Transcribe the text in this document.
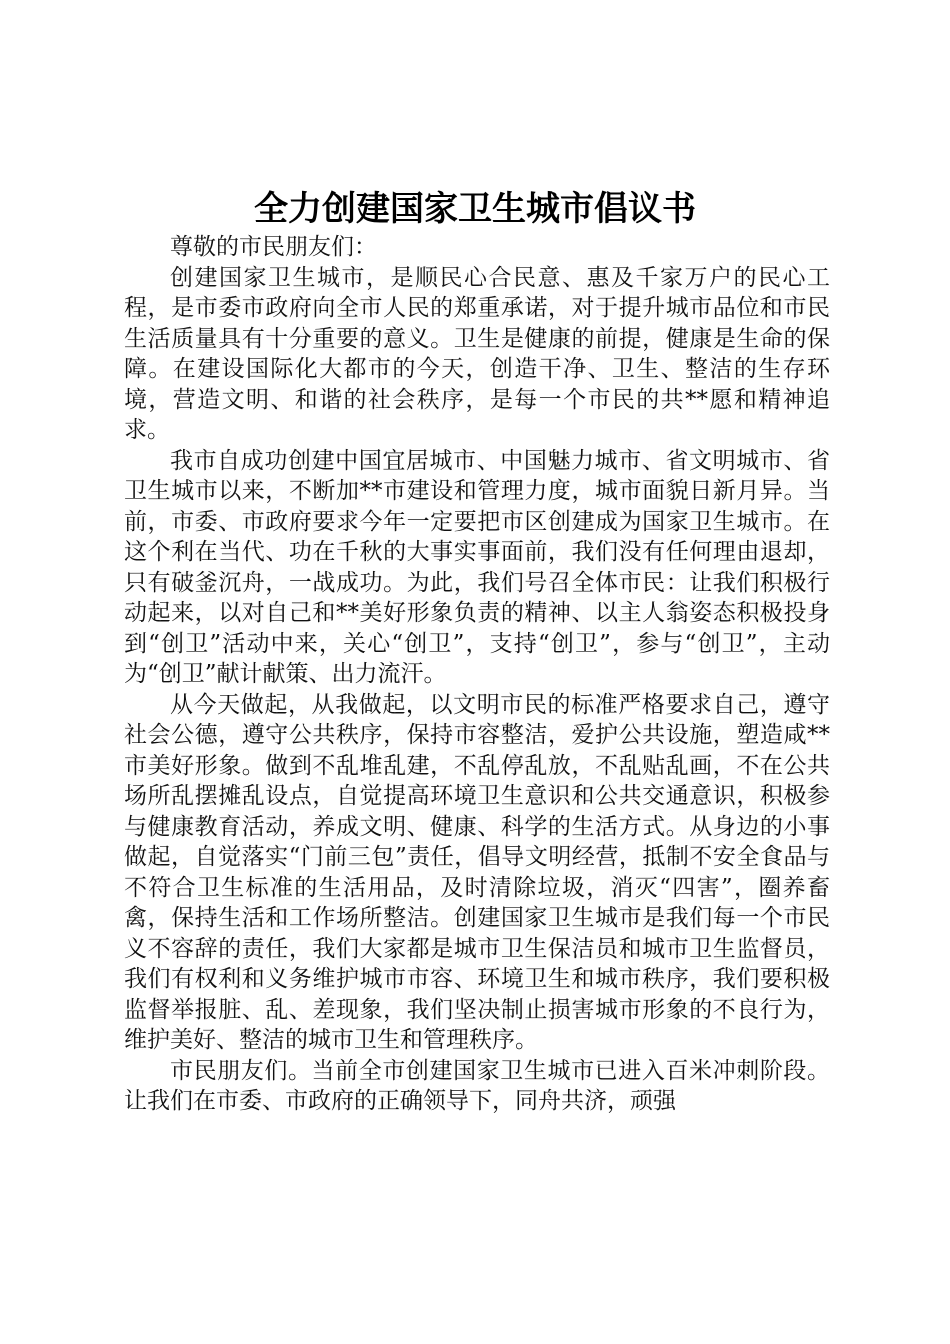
全力创建国家卫生城市倡议书

尊敬的市民朋友们：

创建国家卫生城市，是顺民心合民意、惠及千家万户的民心工程，是市委市政府向全市人民的郑重承诺，对于提升城市品位和市民生活质量具有十分重要的意义。卫生是健康的前提，健康是生命的保障。在建设国际化大都市的今天，创造干净、卫生、整洁的生存环境，营造文明、和谐的社会秩序，是每一个市民的共**愿和精神追求。

我市自成功创建中国宜居城市、中国魅力城市、省文明城市、省卫生城市以来，不断加**市建设和管理力度，城市面貌日新月异。当前，市委、市政府要求今年一定要把市区创建成为国家卫生城市。在这个利在当代、功在千秋的大事实事面前，我们没有任何理由退却，只有破釜沉舟，一战成功。为此，我们号召全体市民：让我们积极行动起来，以对自己和**美好形象负责的精神、以主人翁姿态积极投身到“创卫”活动中来，关心“创卫”，支持“创卫”，参与“创卫”，主动为“创卫”献计献策、出力流汗。

从今天做起，从我做起，以文明市民的标准严格要求自己，遵守社会公德，遵守公共秩序，保持市容整洁，爱护公共设施，塑造咸**市美好形象。做到不乱堆乱建，不乱停乱放，不乱贴乱画，不在公共场所乱摆摊乱设点，自觉提高环境卫生意识和公共交通意识，积极参与健康教育活动，养成文明、健康、科学的生活方式。从身边的小事做起，自觉落实“门前三包”责任，倡导文明经营，抵制不安全食品与不符合卫生标准的生活用品，及时清除垃圾，消灭“四害”，圈养畜禽，保持生活和工作场所整洁。创建国家卫生城市是我们每一个市民义不容辞的责任，我们大家都是城市卫生保洁员和城市卫生监督员，我们有权利和义务维护城市市容、环境卫生和城市秩序，我们要积极监督举报脏、乱、差现象，我们坚决制止损害城市形象的不良行为，维护美好、整洁的城市卫生和管理秩序。

市民朋友们。当前全市创建国家卫生城市已进入百米冲刺阶段。让我们在市委、市政府的正确领导下，同舟共济，顽强
